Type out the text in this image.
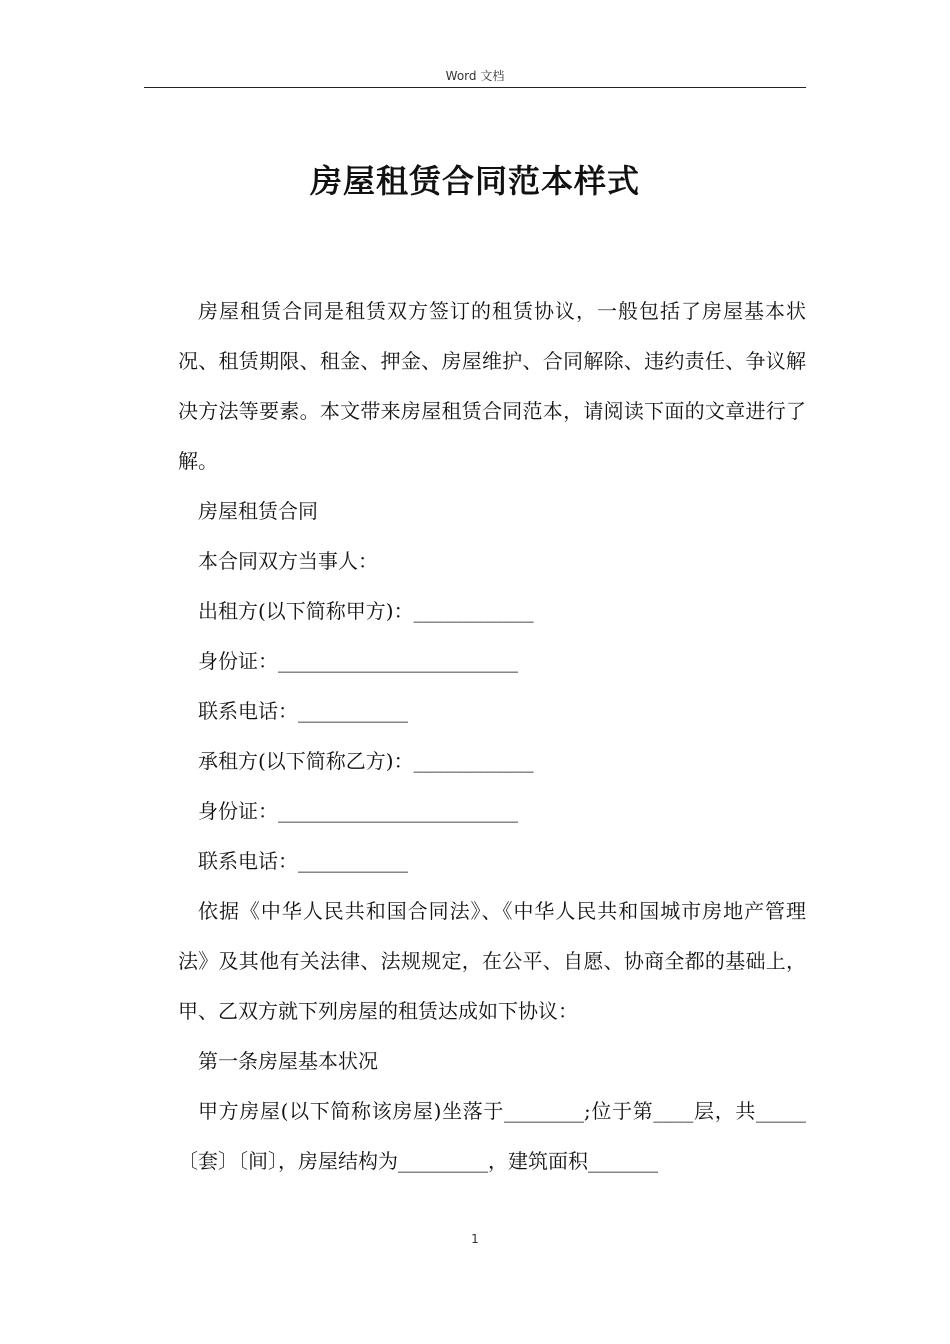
Word 文档
房屋租赁合同范本样式

房屋租赁合同是租赁双方签订的租赁协议，一般包括了房屋基本状况、租赁期限、租金、押金、房屋维护、合同解除、违约责任、争议解决方法等要素。本文带来房屋租赁合同范本，请阅读下面的文章进行了解。

房屋租赁合同

本合同双方当事人：

出租方(以下简称甲方)：____________

身份证：________________________

联系电话：___________

承租方(以下简称乙方)：____________

身份证：________________________

联系电话：___________

依据《中华人民共和国合同法》、《中华人民共和国城市房地产管理法》及其他有关法律、法规规定，在公平、自愿、协商全都的基础上，甲、乙双方就下列房屋的租赁达成如下协议：

第一条房屋基本状况

甲方房屋(以下简称该房屋)坐落于________;位于第____层，共_____〔套〕〔间〕，房屋结构为_________，建筑面积_______

1
